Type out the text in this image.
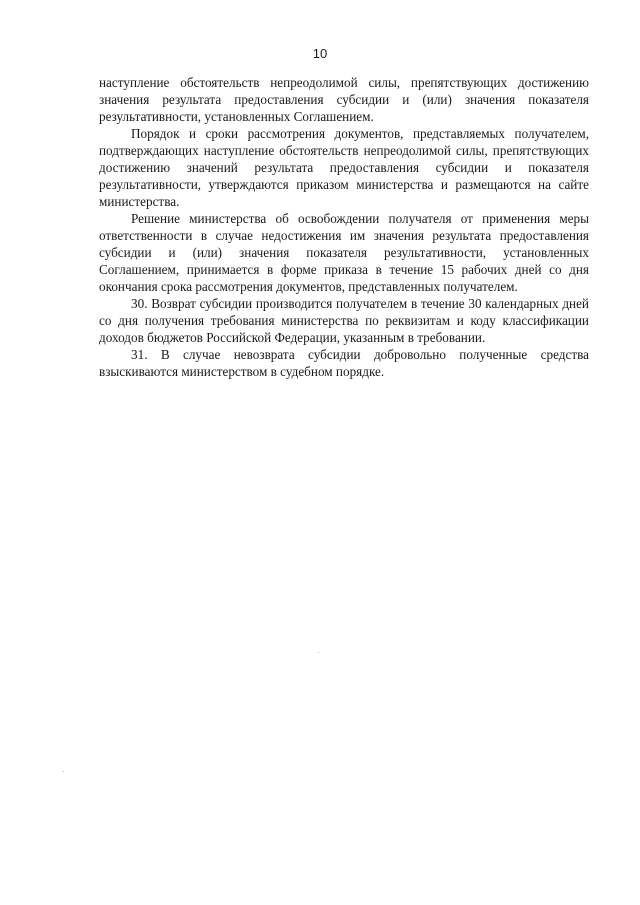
10

наступление обстоятельств непреодолимой силы, препятствующих достижению значения результата предоставления субсидии и (или) значения показателя результативности, установленных Соглашением.

Порядок и сроки рассмотрения документов, представляемых получателем, подтверждающих наступление обстоятельств непреодолимой силы, препятствующих достижению значений результата предоставления субсидии и показателя результативности, утверждаются приказом министерства и размещаются на сайте министерства.

Решение министерства об освобождении получателя от применения меры ответственности в случае недостижения им значения результата предоставления субсидии и (или) значения показателя результативности, установленных Соглашением, принимается в форме приказа в течение 15 рабочих дней со дня окончания срока рассмотрения документов, представленных получателем.

30. Возврат субсидии производится получателем в течение 30 календарных дней со дня получения требования министерства по реквизитам и коду классификации доходов бюджетов Российской Федерации, указанным в требовании.

31. В случае невозврата субсидии добровольно полученные средства взыскиваются министерством в судебном порядке.
